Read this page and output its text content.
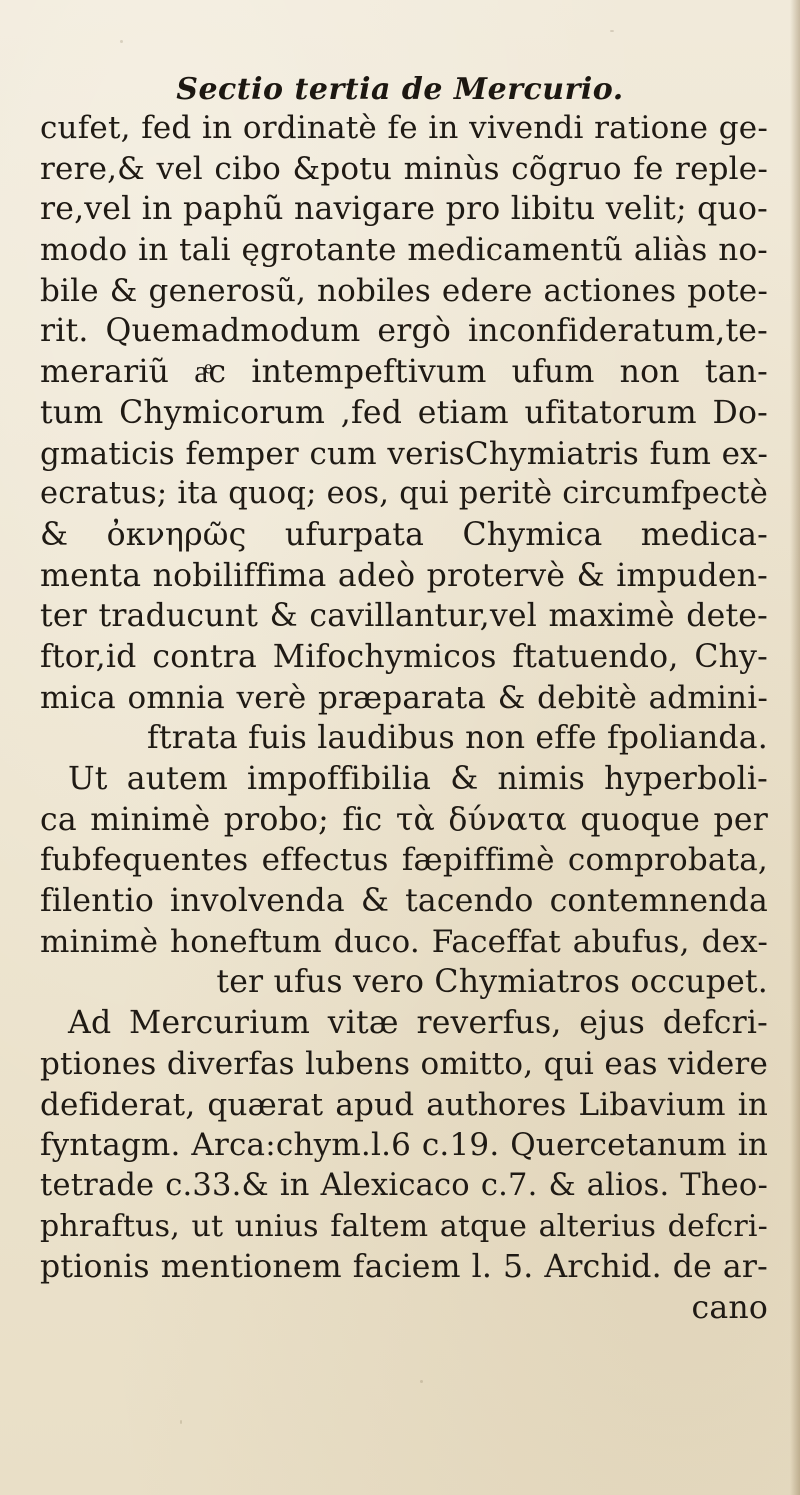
Sectio tertia de Mercurio.
cufet, fed in ordinatè fe in vivendi ratione ge-
rere,& vel cibo &potu minùs cõgruo fe reple-
re,vel in paphũ navigare pro libitu velit; quo-
modo in tali ęgrotante medicamentũ aliàs no-
bile & generosũ, nobiles edere actiones pote-
rit. Quemadmodum ergò inconfideratum,te-
merariũ aͤc intempeftivum ufum non tan-
tum Chymicorum ,fed etiam ufitatorum Do-
gmaticis femper cum verisChymiatris fum ex-
ecratus; ita quoq; eos, qui peritè circumfpectè
& ὀκνηρῶς ufurpata Chymica medica-
menta nobiliffima adeò protervè & impuden-
ter traducunt & cavillantur,vel maximè dete-
ftor,id contra Mifochymicos ftatuendo, Chy-
mica omnia verè præparata & debitè admini-
ftrata fuis laudibus non effe fpolianda.
Ut autem impoffibilia & nimis hyperboli-
ca minimè probo; fic τὰ δύνατα quoque per
fubfequentes effectus fæpiffimè comprobata,
filentio involvenda & tacendo contemnenda
minimè honeftum duco. Faceffat abufus, dex-
ter ufus vero Chymiatros occupet.
Ad Mercurium vitæ reverfus, ejus defcri-
ptiones diverfas lubens omitto, qui eas videre
defiderat, quærat apud authores Libavium in
fyntagm. Arca:chym.l.6 c.19. Quercetanum in
tetrade c.33.& in Alexicaco c.7. & alios. Theo-
phraftus, ut unius faltem atque alterius defcri-
ptionis mentionem faciem l. 5. Archid. de ar-
cano
